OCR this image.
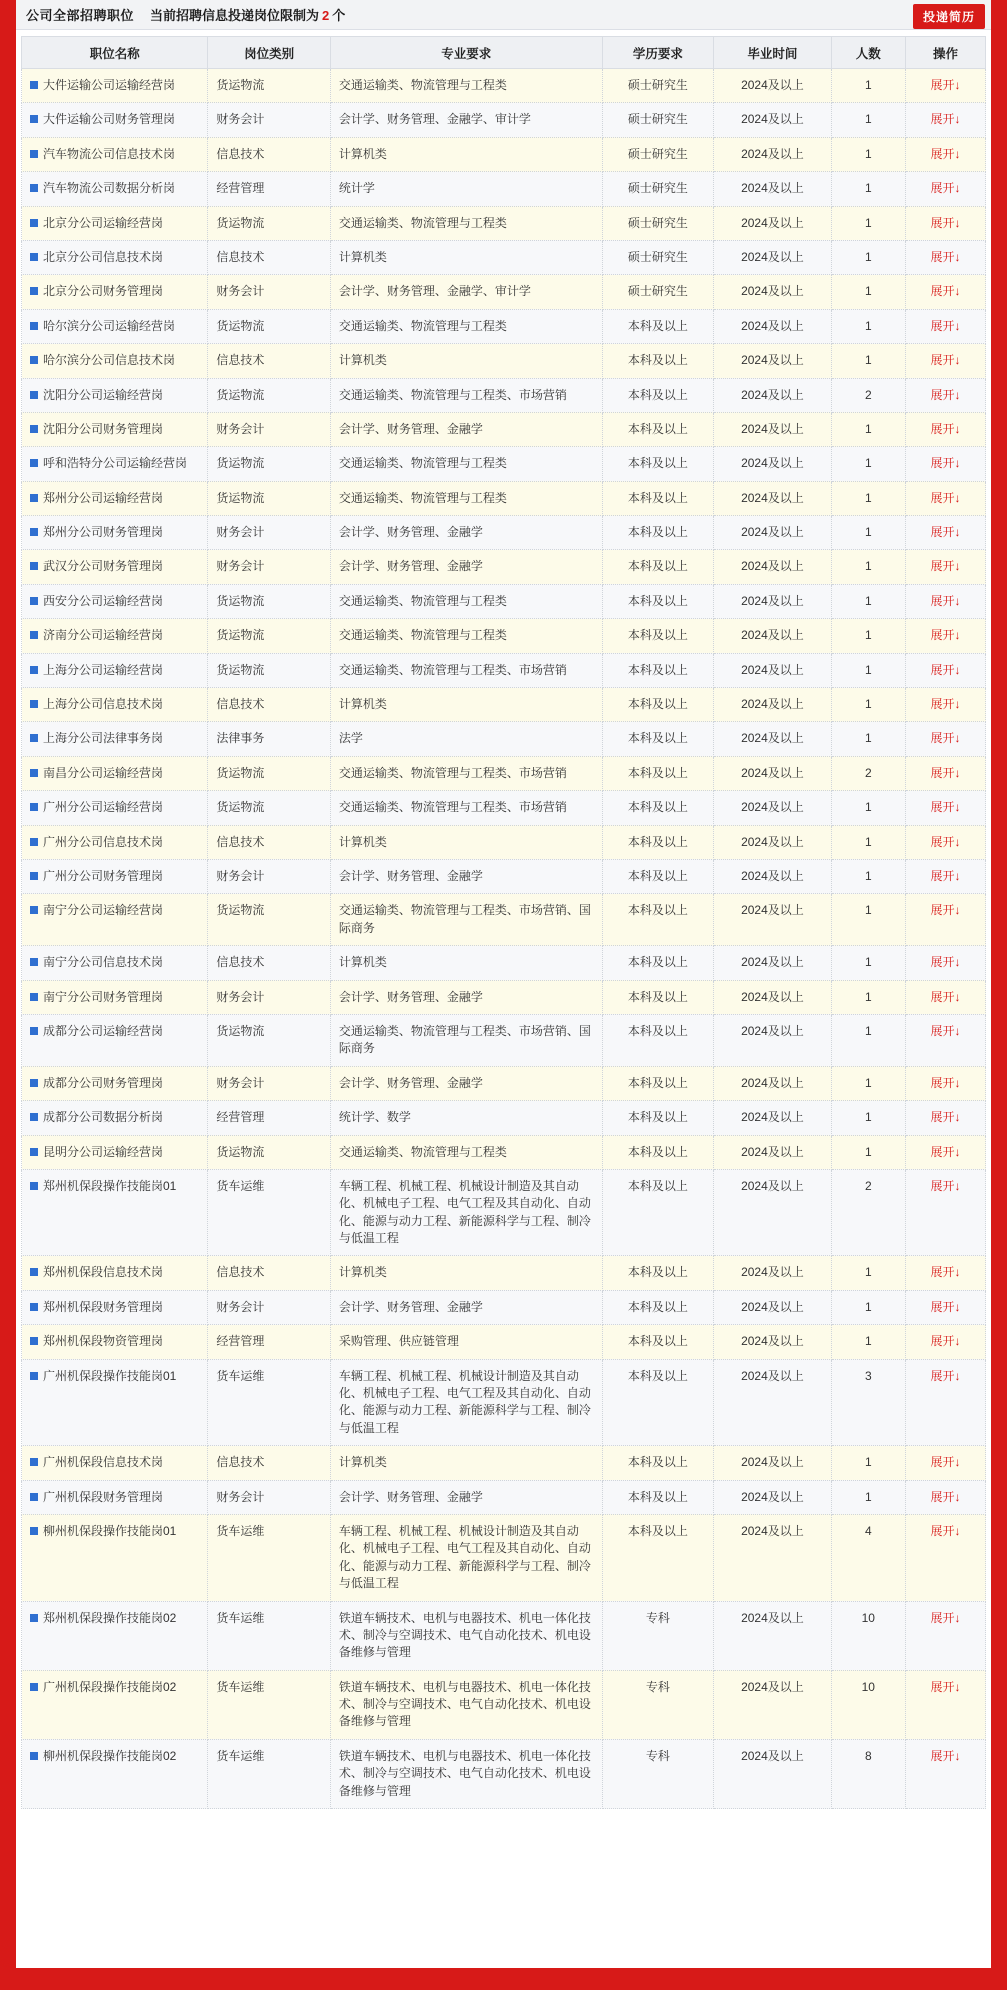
公司全部招聘职位 当前招聘信息投递岗位限制为 2 个	投递简历
职位名称	岗位类别	专业要求	学历要求	毕业时间	人数	操作

大件运输公司运输经营岗	货运物流	交通运输类、物流管理与工程类	硕士研究生	2024及以上	1	展开↓

大件运输公司财务管理岗	财务会计	会计学、财务管理、金融学、审计学	硕士研究生	2024及以上	1	展开↓

汽车物流公司信息技术岗	信息技术	计算机类	硕士研究生	2024及以上	1	展开↓

汽车物流公司数据分析岗	经营管理	统计学	硕士研究生	2024及以上	1	展开↓

北京分公司运输经营岗	货运物流	交通运输类、物流管理与工程类	硕士研究生	2024及以上	1	展开↓

北京分公司信息技术岗	信息技术	计算机类	硕士研究生	2024及以上	1	展开↓

北京分公司财务管理岗	财务会计	会计学、财务管理、金融学、审计学	硕士研究生	2024及以上	1	展开↓

哈尔滨分公司运输经营岗	货运物流	交通运输类、物流管理与工程类	本科及以上	2024及以上	1	展开↓

哈尔滨分公司信息技术岗	信息技术	计算机类	本科及以上	2024及以上	1	展开↓

沈阳分公司运输经营岗	货运物流	交通运输类、物流管理与工程类、市场营销	本科及以上	2024及以上	2	展开↓

沈阳分公司财务管理岗	财务会计	会计学、财务管理、金融学	本科及以上	2024及以上	1	展开↓

呼和浩特分公司运输经营岗	货运物流	交通运输类、物流管理与工程类	本科及以上	2024及以上	1	展开↓

郑州分公司运输经营岗	货运物流	交通运输类、物流管理与工程类	本科及以上	2024及以上	1	展开↓

郑州分公司财务管理岗	财务会计	会计学、财务管理、金融学	本科及以上	2024及以上	1	展开↓

武汉分公司财务管理岗	财务会计	会计学、财务管理、金融学	本科及以上	2024及以上	1	展开↓

西安分公司运输经营岗	货运物流	交通运输类、物流管理与工程类	本科及以上	2024及以上	1	展开↓

济南分公司运输经营岗	货运物流	交通运输类、物流管理与工程类	本科及以上	2024及以上	1	展开↓

上海分公司运输经营岗	货运物流	交通运输类、物流管理与工程类、市场营销	本科及以上	2024及以上	1	展开↓

上海分公司信息技术岗	信息技术	计算机类	本科及以上	2024及以上	1	展开↓

上海分公司法律事务岗	法律事务	法学	本科及以上	2024及以上	1	展开↓

南昌分公司运输经营岗	货运物流	交通运输类、物流管理与工程类、市场营销	本科及以上	2024及以上	2	展开↓

广州分公司运输经营岗	货运物流	交通运输类、物流管理与工程类、市场营销	本科及以上	2024及以上	1	展开↓

广州分公司信息技术岗	信息技术	计算机类	本科及以上	2024及以上	1	展开↓

广州分公司财务管理岗	财务会计	会计学、财务管理、金融学	本科及以上	2024及以上	1	展开↓

南宁分公司运输经营岗	货运物流	交通运输类、物流管理与工程类、市场营销、国际商务	本科及以上	2024及以上	1	展开↓

南宁分公司信息技术岗	信息技术	计算机类	本科及以上	2024及以上	1	展开↓

南宁分公司财务管理岗	财务会计	会计学、财务管理、金融学	本科及以上	2024及以上	1	展开↓

成都分公司运输经营岗	货运物流	交通运输类、物流管理与工程类、市场营销、国际商务	本科及以上	2024及以上	1	展开↓

成都分公司财务管理岗	财务会计	会计学、财务管理、金融学	本科及以上	2024及以上	1	展开↓

成都分公司数据分析岗	经营管理	统计学、数学	本科及以上	2024及以上	1	展开↓

昆明分公司运输经营岗	货运物流	交通运输类、物流管理与工程类	本科及以上	2024及以上	1	展开↓

郑州机保段操作技能岗01	货车运维	车辆工程、机械工程、机械设计制造及其自动化、机械电子工程、电气工程及其自动化、自动化、能源与动力工程、新能源科学与工程、制冷与低温工程	本科及以上	2024及以上	2	展开↓

郑州机保段信息技术岗	信息技术	计算机类	本科及以上	2024及以上	1	展开↓

郑州机保段财务管理岗	财务会计	会计学、财务管理、金融学	本科及以上	2024及以上	1	展开↓

郑州机保段物资管理岗	经营管理	采购管理、供应链管理	本科及以上	2024及以上	1	展开↓

广州机保段操作技能岗01	货车运维	车辆工程、机械工程、机械设计制造及其自动化、机械电子工程、电气工程及其自动化、自动化、能源与动力工程、新能源科学与工程、制冷与低温工程	本科及以上	2024及以上	3	展开↓

广州机保段信息技术岗	信息技术	计算机类	本科及以上	2024及以上	1	展开↓

广州机保段财务管理岗	财务会计	会计学、财务管理、金融学	本科及以上	2024及以上	1	展开↓

柳州机保段操作技能岗01	货车运维	车辆工程、机械工程、机械设计制造及其自动化、机械电子工程、电气工程及其自动化、自动化、能源与动力工程、新能源科学与工程、制冷与低温工程	本科及以上	2024及以上	4	展开↓

郑州机保段操作技能岗02	货车运维	铁道车辆技术、电机与电器技术、机电一体化技术、制冷与空调技术、电气自动化技术、机电设备维修与管理	专科	2024及以上	10	展开↓

广州机保段操作技能岗02	货车运维	铁道车辆技术、电机与电器技术、机电一体化技术、制冷与空调技术、电气自动化技术、机电设备维修与管理	专科	2024及以上	10	展开↓

柳州机保段操作技能岗02	货车运维	铁道车辆技术、电机与电器技术、机电一体化技术、制冷与空调技术、电气自动化技术、机电设备维修与管理	专科	2024及以上	8	展开↓
